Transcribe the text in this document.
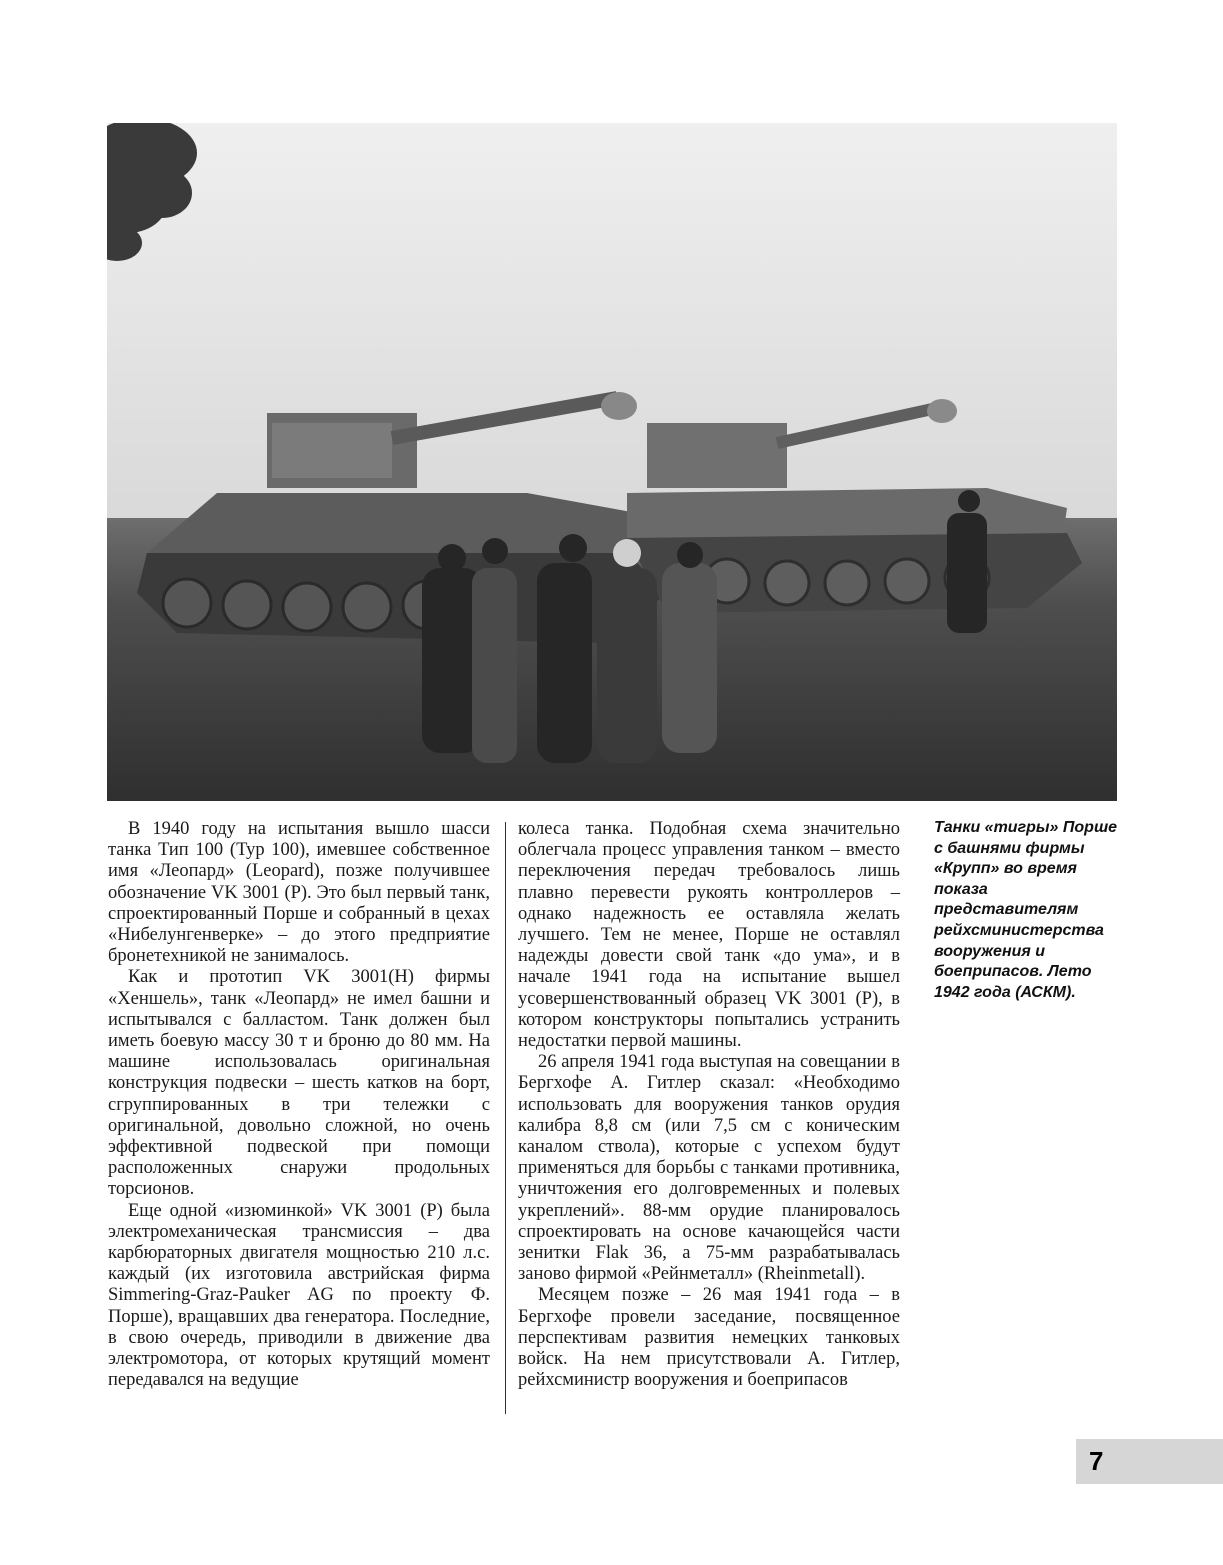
В 1940 году на испытания вышло шасси танка Тип 100 (Typ 100), имевшее собственное имя «Леопард» (Leopard), позже получившее обозначение VK 3001 (P). Это был первый танк, спроектированный Порше и собранный в цехах «Нибелунгенверке» – до этого предприятие бронетехникой не занималось.

Как и прототип VK 3001(H) фирмы «Хеншель», танк «Леопард» не имел башни и испытывался с балластом. Танк должен был иметь боевую массу 30 т и броню до 80 мм. На машине использовалась оригинальная конструкция подвески – шесть катков на борт, сгруппированных в три тележки с оригинальной, довольно сложной, но очень эффективной подвеской при помощи расположенных снаружи продольных торсионов.

Еще одной «изюминкой» VK 3001 (P) была электромеханическая трансмиссия – два карбюраторных двигателя мощностью 210 л.с. каждый (их изготовила австрийская фирма Simmering-Graz-Pauker AG по проекту Ф. Порше), вращавших два генератора. Последние, в свою очередь, приводили в движение два электромотора, от которых крутящий момент передавался на ведущие

колеса танка. Подобная схема значительно облегчала процесс управления танком – вместо переключения передач требовалось лишь плавно перевести рукоять контроллеров – однако надежность ее оставляла желать лучшего. Тем не менее, Порше не оставлял надежды довести свой танк «до ума», и в начале 1941 года на испытание вышел усовершенствованный образец VK 3001 (P), в котором конструкторы попытались устранить недостатки первой машины.

26 апреля 1941 года выступая на совещании в Бергхофе А. Гитлер сказал: «Необходимо использовать для вооружения танков орудия калибра 8,8 см (или 7,5 см с коническим каналом ствола), которые с успехом будут применяться для борьбы с танками противника, уничтожения его долговременных и полевых укреплений». 88-мм орудие планировалось спроектировать на основе качающейся части зенитки Flak 36, а 75-мм разрабатывалась заново фирмой «Рейнметалл» (Rheinmetall).

Месяцем позже – 26 мая 1941 года – в Бергхофе провели заседание, посвященное перспективам развития немецких танковых войск. На нем присутствовали А. Гитлер, рейхсминистр вооружения и боеприпасов

Танки «тигры» Порше с башнями фирмы «Крупп» во время показа представителям рейхсминистерства вооружения и боеприпасов. Лето 1942 года (АСКМ).
7
